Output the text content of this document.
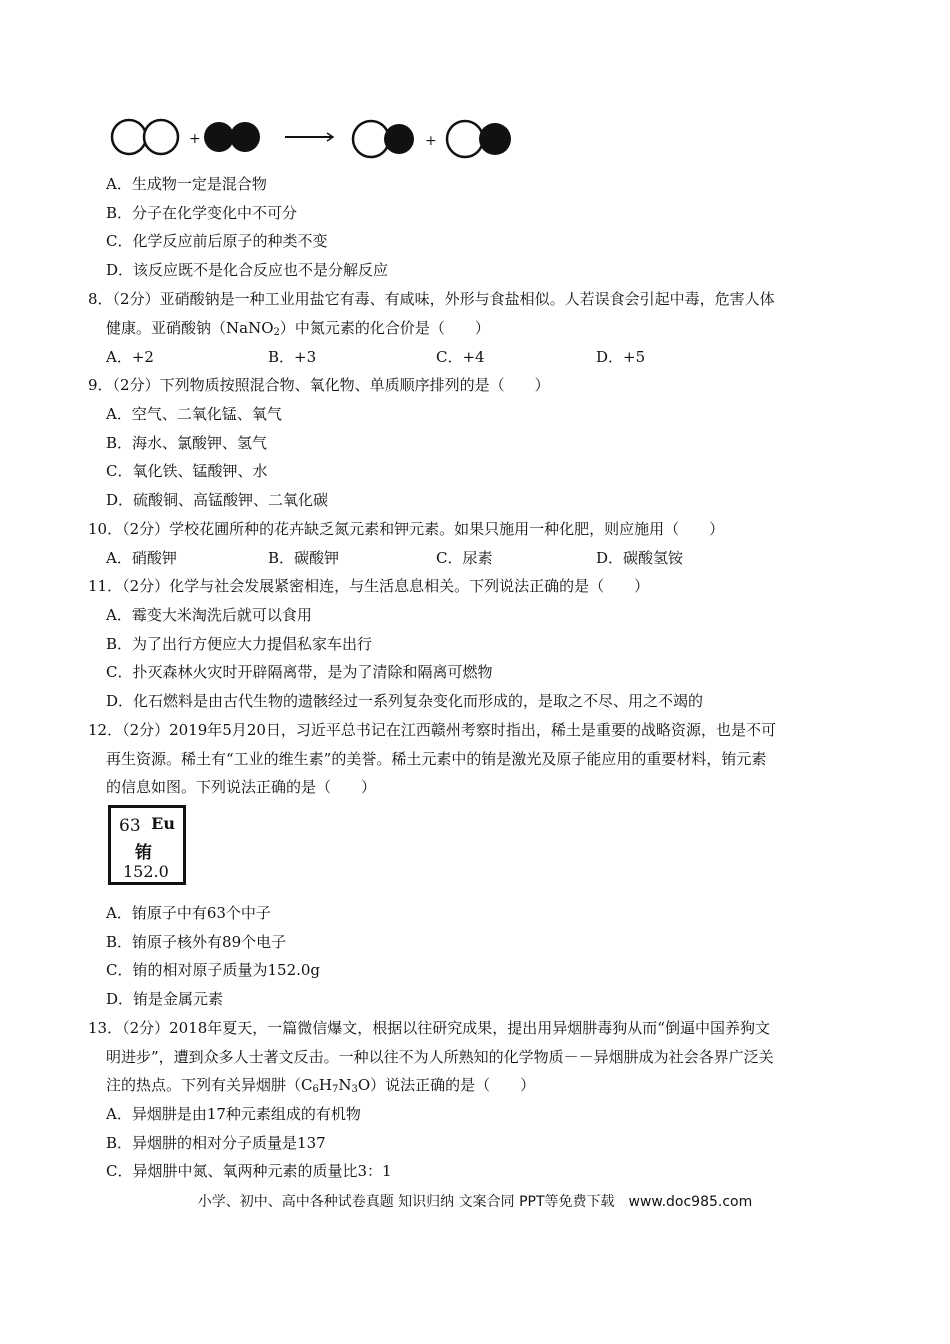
+	+
A．生成物一定是混合物
B．分子在化学变化中不可分
C．化学反应前后原子的种类不变
D．该反应既不是化合反应也不是分解反应
8．（2分）亚硝酸钠是一种工业用盐它有毒、有咸味，外形与食盐相似。人若误食会引起中毒，危害人体
健康。亚硝酸钠（NaNO$_2$）中氮元素的化合价是（　　）
A．+2	B．+3	C．+4	D．+5
9．（2分）下列物质按照混合物、氧化物、单质顺序排列的是（　　）
A．空气、二氧化锰、氧气
B．海水、氯酸钾、氢气
C．氧化铁、锰酸钾、水
D．硫酸铜、高锰酸钾、二氧化碳
10．（2分）学校花圃所种的花卉缺乏氮元素和钾元素。如果只施用一种化肥，则应施用（　　）
A．硝酸钾	B．碳酸钾	C．尿素	D．碳酸氢铵
11．（2分）化学与社会发展紧密相连，与生活息息相关。下列说法正确的是（　　）
A．霉变大米淘洗后就可以食用
B．为了出行方便应大力提倡私家车出行
C．扑灭森林火灾时开辟隔离带，是为了清除和隔离可燃物
D．化石燃料是由古代生物的遗骸经过一系列复杂变化而形成的，是取之不尽、用之不竭的
12．（2分）2019年5月20日，习近平总书记在江西赣州考察时指出，稀土是重要的战略资源，也是不可
再生资源。稀土有“工业的维生素”的美誉。稀土元素中的铕是激光及原子能应用的重要材料，铕元素
的信息如图。下列说法正确的是（　　）
63 Eu
铕
152.0
A．铕原子中有63个中子
B．铕原子核外有89个电子
C．铕的相对原子质量为152.0g
D．铕是金属元素
13．（2分）2018年夏天，一篇微信爆文，根据以往研究成果，提出用异烟肼毒狗从而“倒逼中国养狗文
明进步”，遭到众多人士著文反击。一种以往不为人所熟知的化学物质－－异烟肼成为社会各界广泛关
注的热点。下列有关异烟肼$(C_6H_7N_3O)$说法正确的是（　　）
A．异烟肼是由17种元素组成的有机物
B．异烟肼的相对分子质量是137
C．异烟肼中氮、氧两种元素的质量比3：1
小学、初中、高中各种试卷真题 知识归纳 文案合同 PPT等免费下载　www.doc985.com
